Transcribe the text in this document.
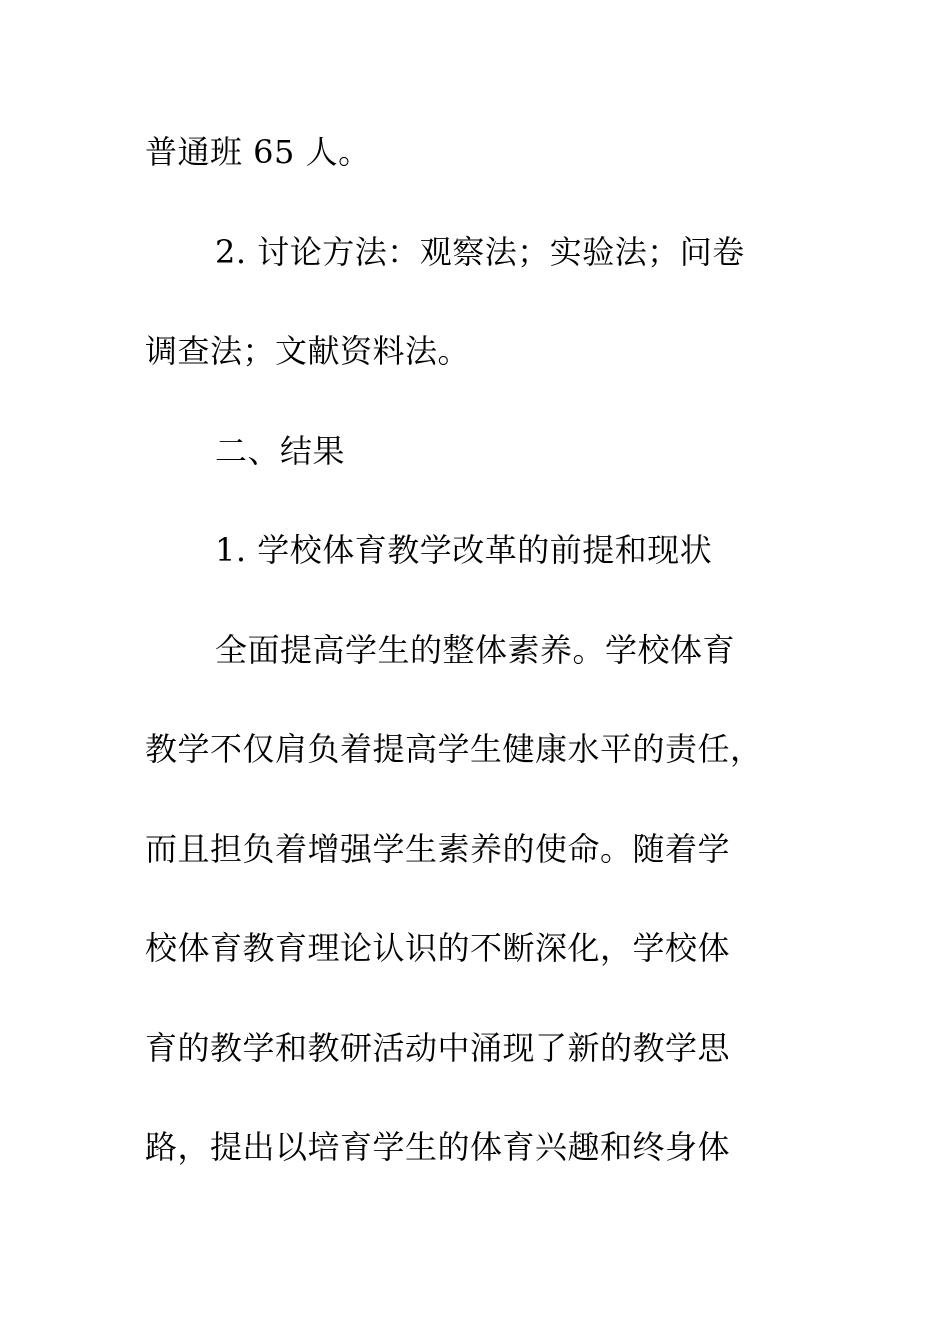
普通班 65 人。
2. 讨论方法：观察法；实验法；问卷
调查法；文献资料法。
二、结果
1. 学校体育教学改革的前提和现状
全面提高学生的整体素养。学校体育
教学不仅肩负着提高学生健康水平的责任，
而且担负着增强学生素养的使命。随着学
校体育教育理论认识的不断深化，学校体
育的教学和教研活动中涌现了新的教学思
路，提出以培育学生的体育兴趣和终身体
